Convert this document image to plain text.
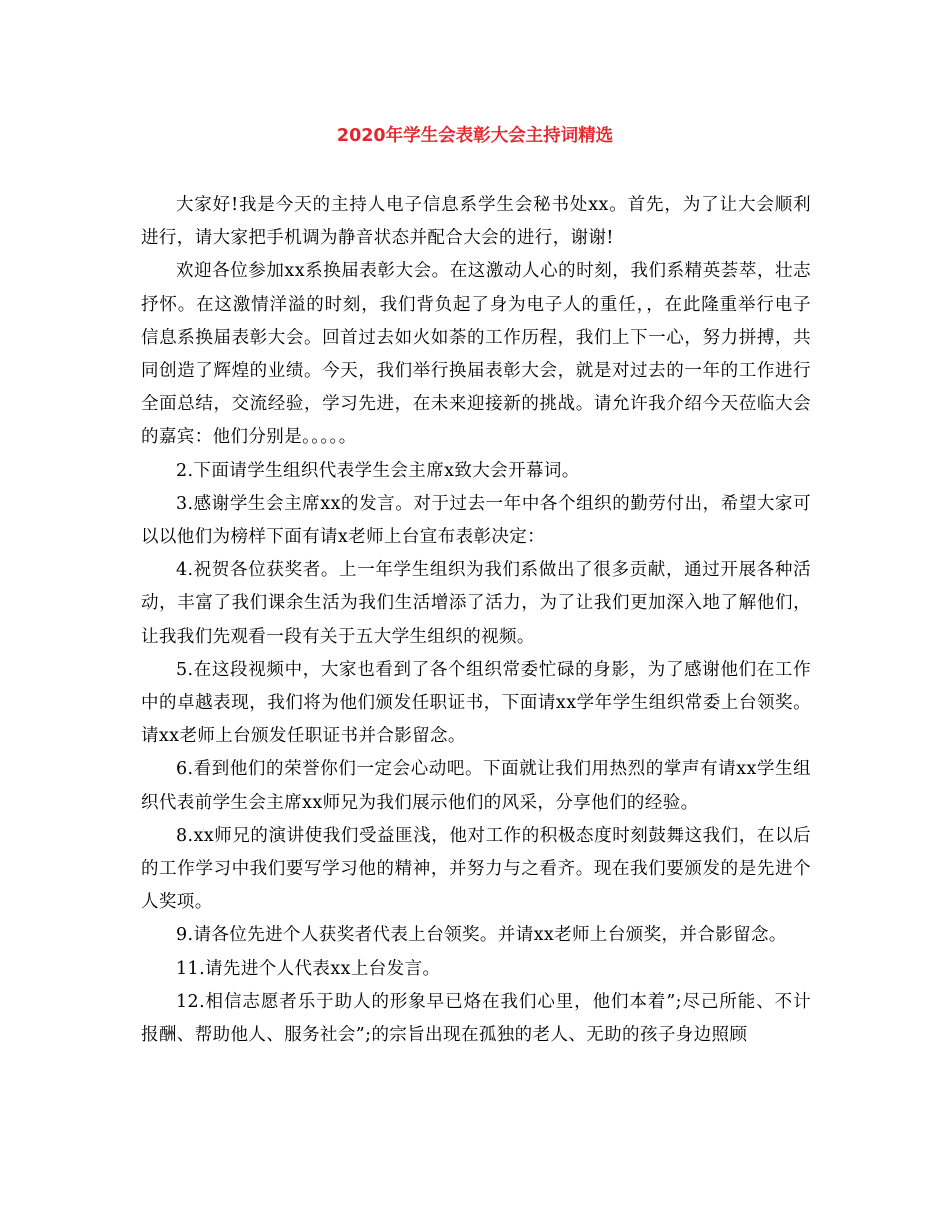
2020年学生会表彰大会主持词精选

大家好!我是今天的主持人电子信息系学生会秘书处xx。首先，为了让大会顺利进行，请大家把手机调为静音状态并配合大会的进行，谢谢!

欢迎各位参加xx系换届表彰大会。在这激动人心的时刻，我们系精英荟萃，壮志抒怀。在这激情洋溢的时刻，我们背负起了身为电子人的重任，，在此隆重举行电子信息系换届表彰大会。回首过去如火如荼的工作历程，我们上下一心，努力拼搏，共同创造了辉煌的业绩。今天，我们举行换届表彰大会，就是对过去的一年的工作进行全面总结，交流经验，学习先进，在未来迎接新的挑战。请允许我介绍今天莅临大会的嘉宾：他们分别是。。。。。

2.下面请学生组织代表学生会主席x致大会开幕词。

3.感谢学生会主席xx的发言。对于过去一年中各个组织的勤劳付出，希望大家可以以他们为榜样下面有请x老师上台宣布表彰决定：

4.祝贺各位获奖者。上一年学生组织为我们系做出了很多贡献，通过开展各种活动，丰富了我们课余生活为我们生活增添了活力，为了让我们更加深入地了解他们，让我我们先观看一段有关于五大学生组织的视频。

5.在这段视频中，大家也看到了各个组织常委忙碌的身影，为了感谢他们在工作中的卓越表现，我们将为他们颁发任职证书，下面请xx学年学生组织常委上台领奖。请xx老师上台颁发任职证书并合影留念。

6.看到他们的荣誉你们一定会心动吧。下面就让我们用热烈的掌声有请xx学生组织代表前学生会主席xx师兄为我们展示他们的风采，分享他们的经验。

8.xx师兄的演讲使我们受益匪浅，他对工作的积极态度时刻鼓舞这我们，在以后的工作学习中我们要写学习他的精神，并努力与之看齐。现在我们要颁发的是先进个人奖项。

9.请各位先进个人获奖者代表上台领奖。并请xx老师上台颁奖，并合影留念。

11.请先进个人代表xx上台发言。

12.相信志愿者乐于助人的形象早已烙在我们心里，他们本着”;尽己所能、不计报酬、帮助他人、服务社会”;的宗旨出现在孤独的老人、无助的孩子身边照顾
